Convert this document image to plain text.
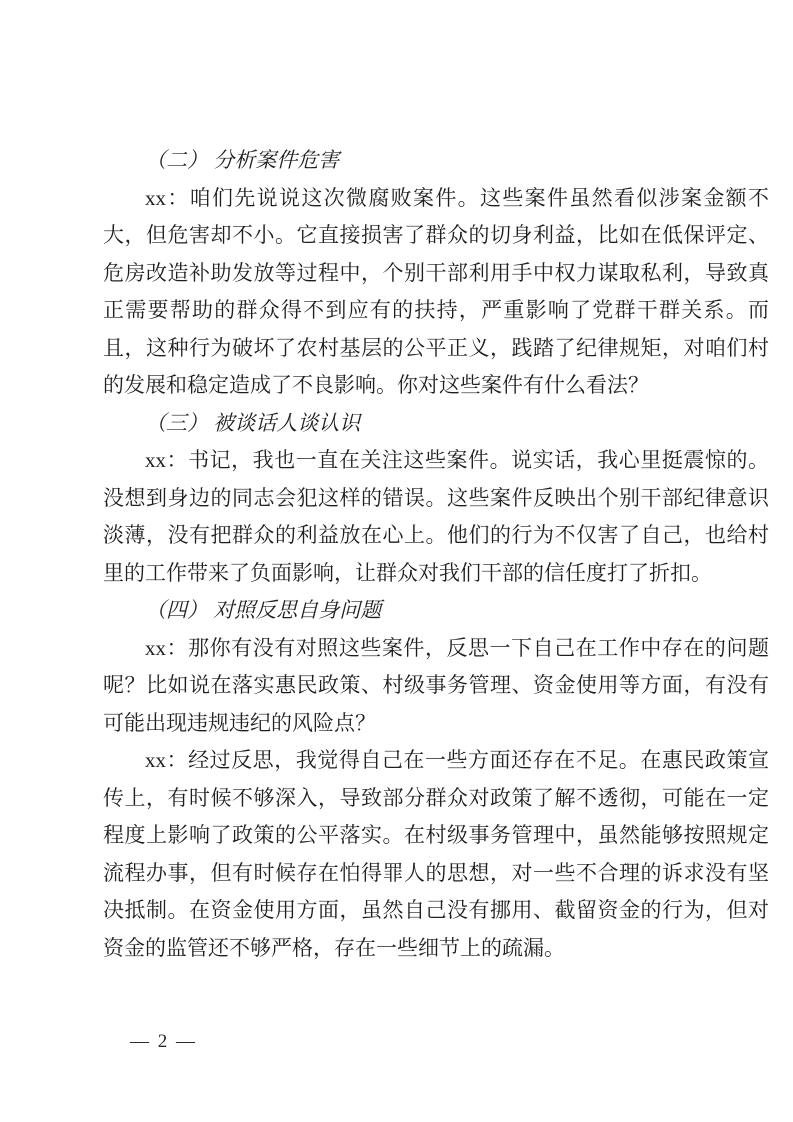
（二） 分析案件危害

xx：咱们先说说这次微腐败案件。这些案件虽然看似涉案金额不大，但危害却不小。它直接损害了群众的切身利益，比如在低保评定、危房改造补助发放等过程中，个别干部利用手中权力谋取私利，导致真正需要帮助的群众得不到应有的扶持，严重影响了党群干群关系。而且，这种行为破坏了农村基层的公平正义，践踏了纪律规矩，对咱们村的发展和稳定造成了不良影响。你对这些案件有什么看法？

（三） 被谈话人谈认识

xx：书记，我也一直在关注这些案件。说实话，我心里挺震惊的。没想到身边的同志会犯这样的错误。这些案件反映出个别干部纪律意识淡薄，没有把群众的利益放在心上。他们的行为不仅害了自己，也给村里的工作带来了负面影响，让群众对我们干部的信任度打了折扣。

（四） 对照反思自身问题

xx：那你有没有对照这些案件，反思一下自己在工作中存在的问题呢？比如说在落实惠民政策、村级事务管理、资金使用等方面，有没有可能出现违规违纪的风险点？

xx：经过反思，我觉得自己在一些方面还存在不足。在惠民政策宣传上，有时候不够深入，导致部分群众对政策了解不透彻，可能在一定程度上影响了政策的公平落实。在村级事务管理中，虽然能够按照规定流程办事，但有时候存在怕得罪人的思想，对一些不合理的诉求没有坚决抵制。在资金使用方面，虽然自己没有挪用、截留资金的行为，但对资金的监管还不够严格，存在一些细节上的疏漏。

— 2 —
